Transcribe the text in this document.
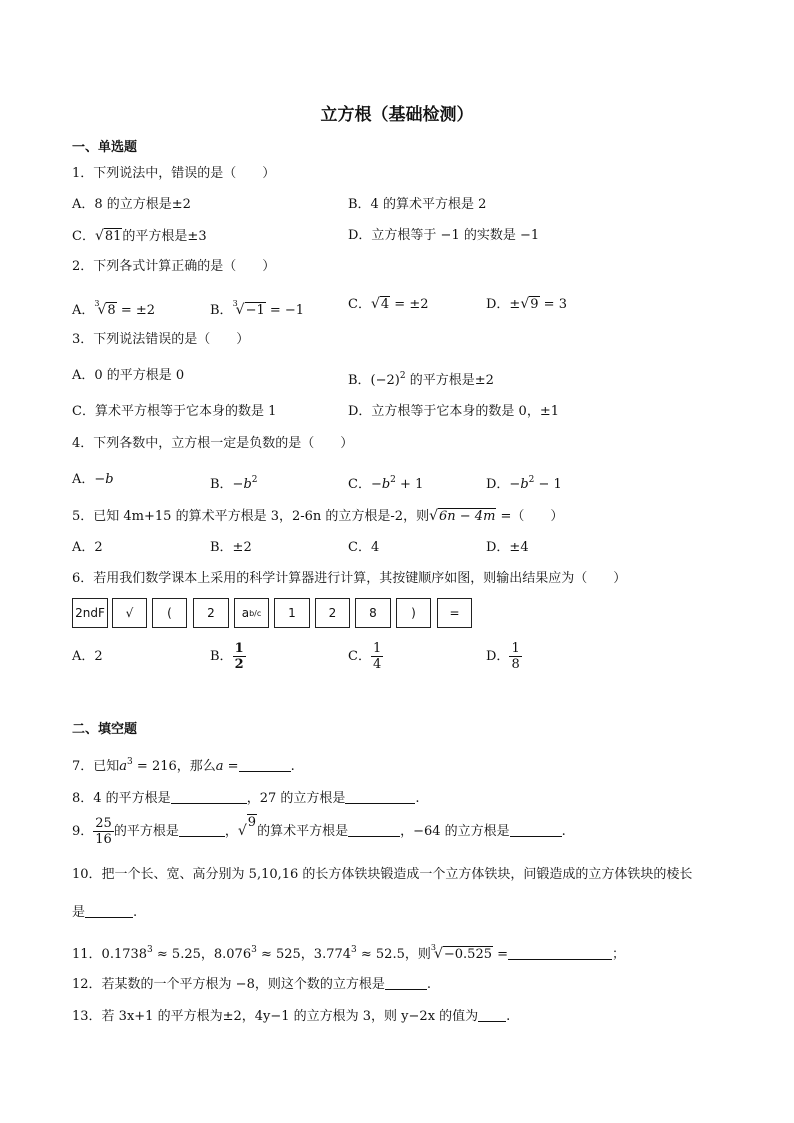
立方根（基础检测）
一、单选题
1．下列说法中，错误的是（　　）
A．8 的立方根是±2	B．4 的算术平方根是 2
C． √ 81 的平方根是±3	D．立方根等于 −1 的实数是 −1
2．下列各式计算正确的是（　　）
A．$^3$
√ 8 = ±2	B．$^3$
√ −1 = −1	C． √ 4 = ±2	D．± √ 9 = 3
3．下列说法错误的是（　　）
A．0 的平方根是 0	B．$(-2)^2$ 的平方根是±2
C．算术平方根等于它本身的数是 1	D．立方根等于它本身的数是 0，±1
4．下列各数中，立方根一定是负数的是（　　）
A．−b	B．$-b^2$	C．$-b^2 + 1$	D．$-b^2 - 1$
5．已知 4m+15 的算术平方根是 3，2-6n 的立方根是-2，则 √ 6n − 4m =（　　）
A．2	B．±2	C．4	D．±4
6．若用我们数学课本上采用的科学计算器进行计算，其按键顺序如图，则输出结果应为（　　）
2ndF	√	(	2	a b/c	1	2	8	)	=
A．2	B． $\frac{1}{2}$	C． $\frac{1}{4}$	D． $\frac{1}{8}$
二、填空题
7．已知$a^3 = 216$，那么a =	.
8．4 的平方根是	，27 的立方根是	.
9． $\frac{25}{16}$ 的平方根是	， √
9
的算术平方根是	，−64 的立方根是	.
10．把一个长、宽、高分别为 5,10,16 的长方体铁块锻造成一个立方体铁块，问锻造成的立方体铁块的棱长
是	.
11．$0.1738^3 \approx 5.25$，$8.076^3 \approx 525$，$3.774^3 \approx 52.5$，则$^3$
√ −0.525 =	；
12．若某数的一个平方根为 −8，则这个数的立方根是	.
13．若 3x+1 的平方根为±2，4y−1 的立方根为 3，则 y−2x 的值为 .
